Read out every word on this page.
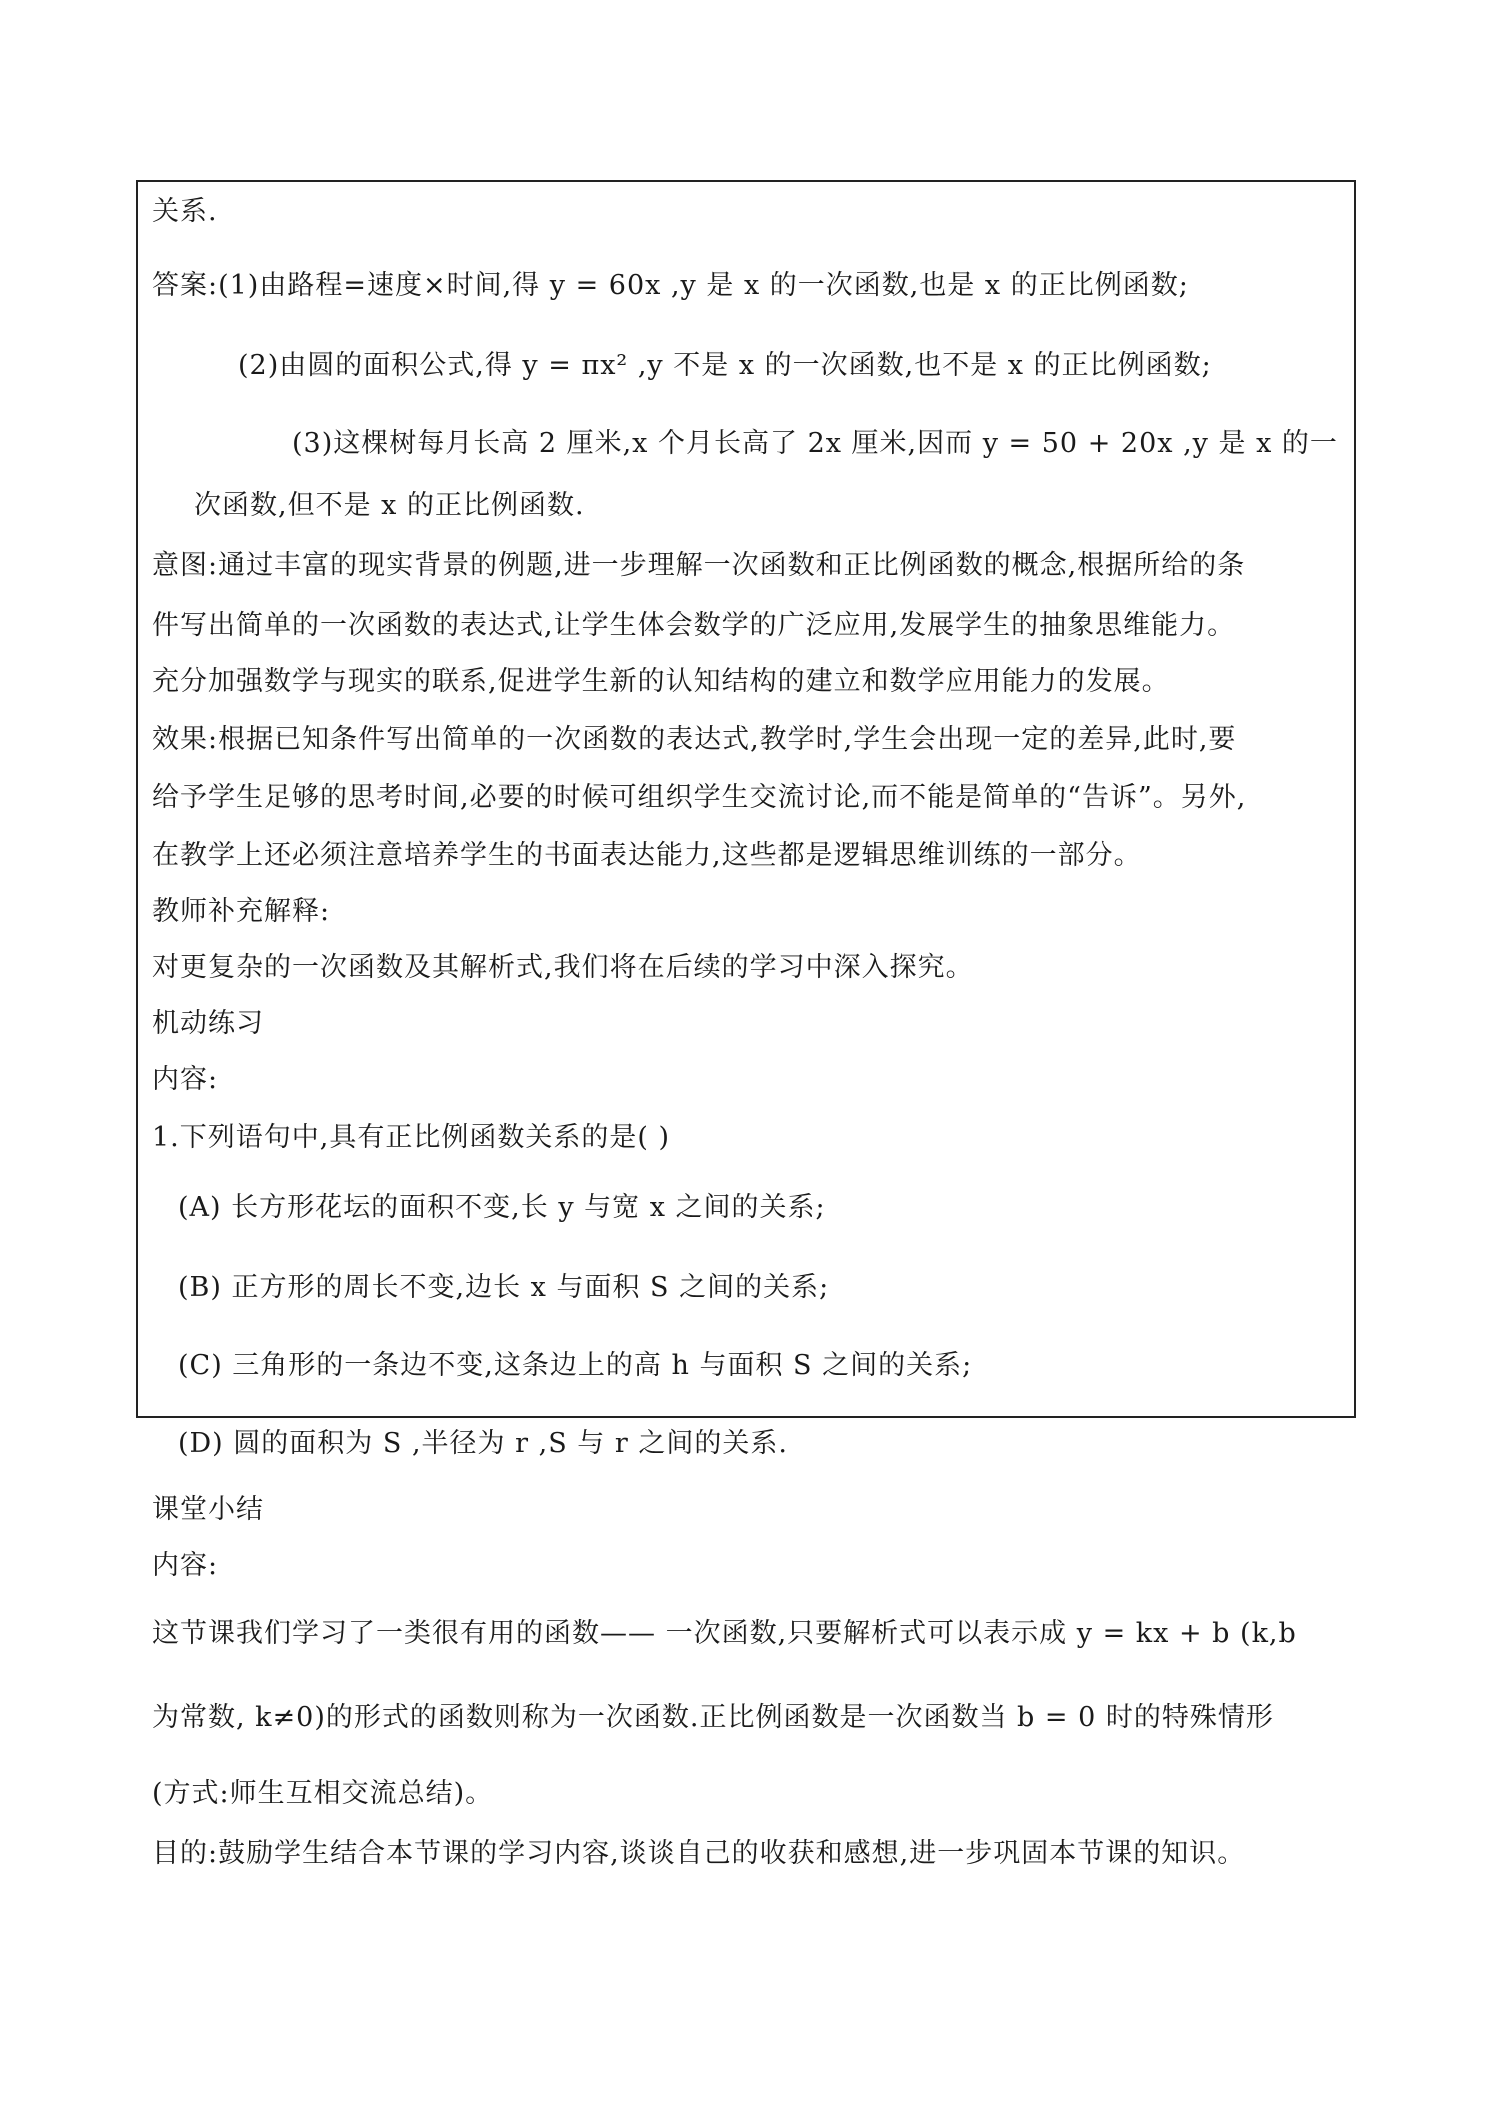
关系.
答案:(1)由路程=速度×时间,得 y = 60x ,y 是 x 的一次函数,也是 x 的正比例函数;
(2)由圆的面积公式,得 y = πx² ,y 不是 x 的一次函数,也不是 x 的正比例函数;
(3)这棵树每月长高 2 厘米,x 个月长高了 2x 厘米,因而 y = 50 + 20x ,y 是 x 的一
次函数,但不是 x 的正比例函数.
意图:通过丰富的现实背景的例题,进一步理解一次函数和正比例函数的概念,根据所给的条
件写出简单的一次函数的表达式,让学生体会数学的广泛应用,发展学生的抽象思维能力。
充分加强数学与现实的联系,促进学生新的认知结构的建立和数学应用能力的发展。
效果:根据已知条件写出简单的一次函数的表达式,教学时,学生会出现一定的差异,此时,要
给予学生足够的思考时间,必要的时候可组织学生交流讨论,而不能是简单的“告诉”。另外,
在教学上还必须注意培养学生的书面表达能力,这些都是逻辑思维训练的一部分。
教师补充解释:
对更复杂的一次函数及其解析式,我们将在后续的学习中深入探究。
机动练习
内容:
1.下列语句中,具有正比例函数关系的是( )
(A) 长方形花坛的面积不变,长 y 与宽 x 之间的关系;
(B) 正方形的周长不变,边长 x 与面积 S 之间的关系;
(C) 三角形的一条边不变,这条边上的高 h 与面积 S 之间的关系;
(D) 圆的面积为 S ,半径为 r ,S 与 r 之间的关系.
课堂小结
内容:
这节课我们学习了一类很有用的函数—— 一次函数,只要解析式可以表示成 y = kx + b (k,b
为常数, k≠0)的形式的函数则称为一次函数.正比例函数是一次函数当 b = 0 时的特殊情形
(方式:师生互相交流总结)。
目的:鼓励学生结合本节课的学习内容,谈谈自己的收获和感想,进一步巩固本节课的知识。
